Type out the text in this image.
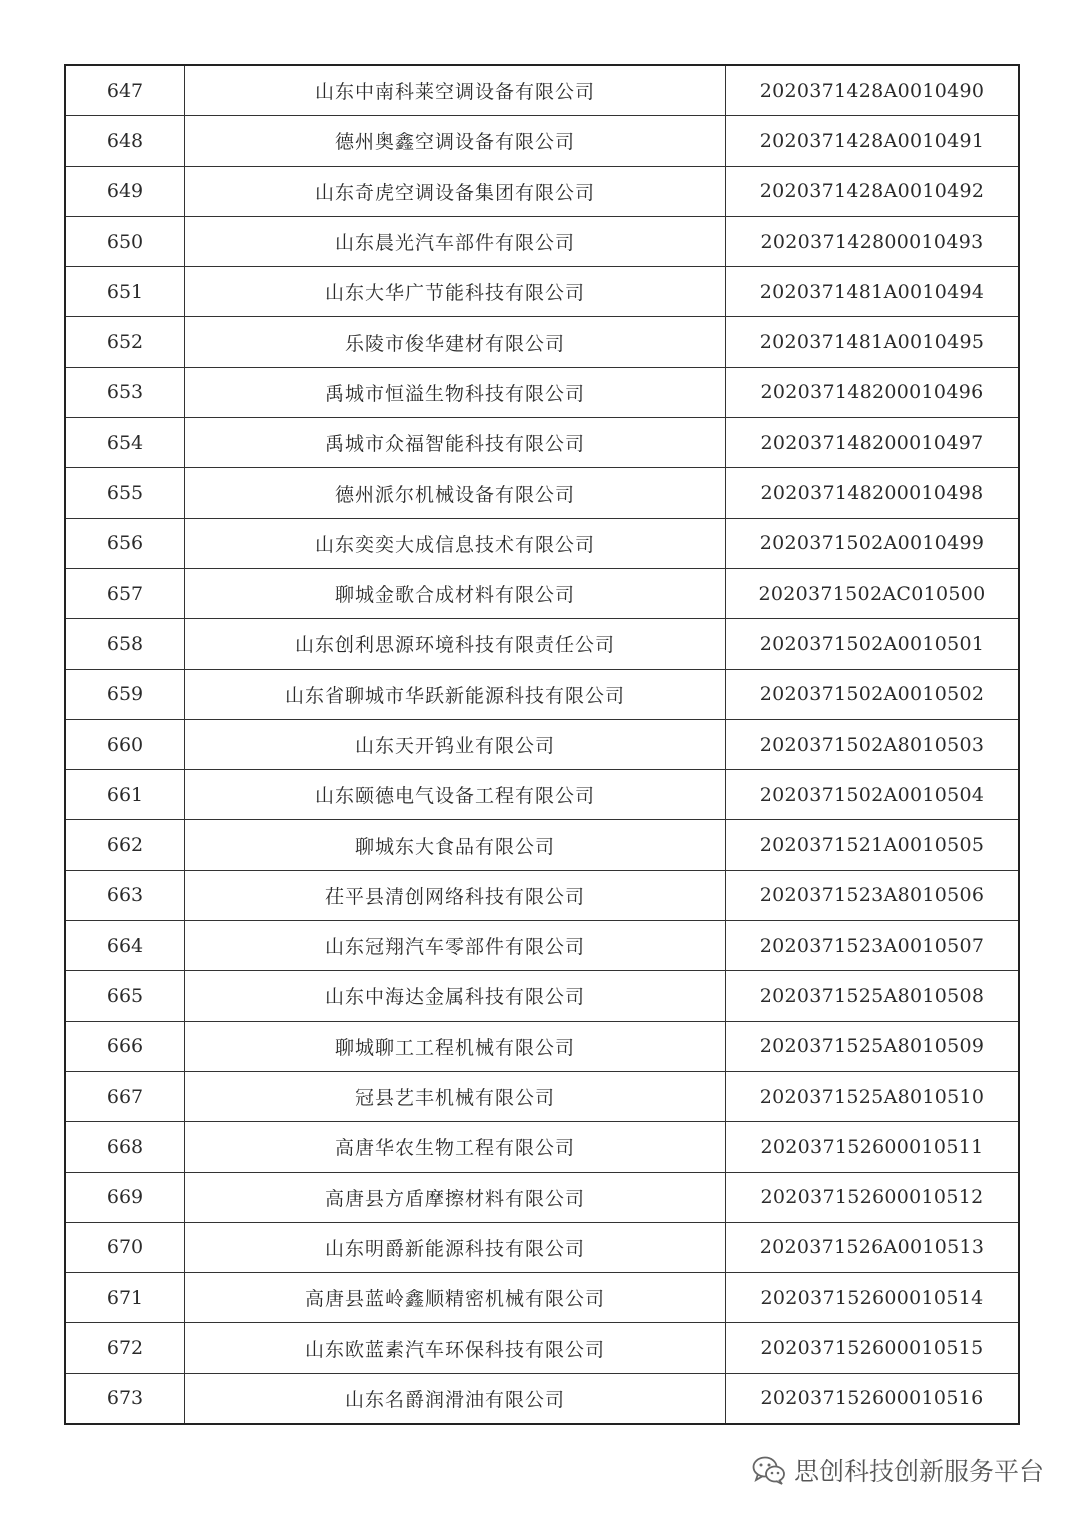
647	山东中南科莱空调设备有限公司	2020371428A0010490
648	德州奥鑫空调设备有限公司	2020371428A0010491
649	山东奇虎空调设备集团有限公司	2020371428A0010492
650	山东晨光汽车部件有限公司	202037142800010493
651	山东大华广节能科技有限公司	2020371481A0010494
652	乐陵市俊华建材有限公司	2020371481A0010495
653	禹城市恒溢生物科技有限公司	202037148200010496
654	禹城市众福智能科技有限公司	202037148200010497
655	德州派尔机械设备有限公司	202037148200010498
656	山东奕奕大成信息技术有限公司	2020371502A0010499
657	聊城金歌合成材料有限公司	2020371502AC010500
658	山东创利思源环境科技有限责任公司	2020371502A0010501
659	山东省聊城市华跃新能源科技有限公司	2020371502A0010502
660	山东天开钨业有限公司	2020371502A8010503
661	山东颐德电气设备工程有限公司	2020371502A0010504
662	聊城东大食品有限公司	2020371521A0010505
663	茌平县清创网络科技有限公司	2020371523A8010506
664	山东冠翔汽车零部件有限公司	2020371523A0010507
665	山东中海达金属科技有限公司	2020371525A8010508
666	聊城聊工工程机械有限公司	2020371525A8010509
667	冠县艺丰机械有限公司	2020371525A8010510
668	高唐华农生物工程有限公司	202037152600010511
669	高唐县方盾摩擦材料有限公司	202037152600010512
670	山东明爵新能源科技有限公司	2020371526A0010513
671	高唐县蓝岭鑫顺精密机械有限公司	202037152600010514
672	山东欧蓝素汽车环保科技有限公司	202037152600010515
673	山东名爵润滑油有限公司	202037152600010516
思创科技创新服务平台
